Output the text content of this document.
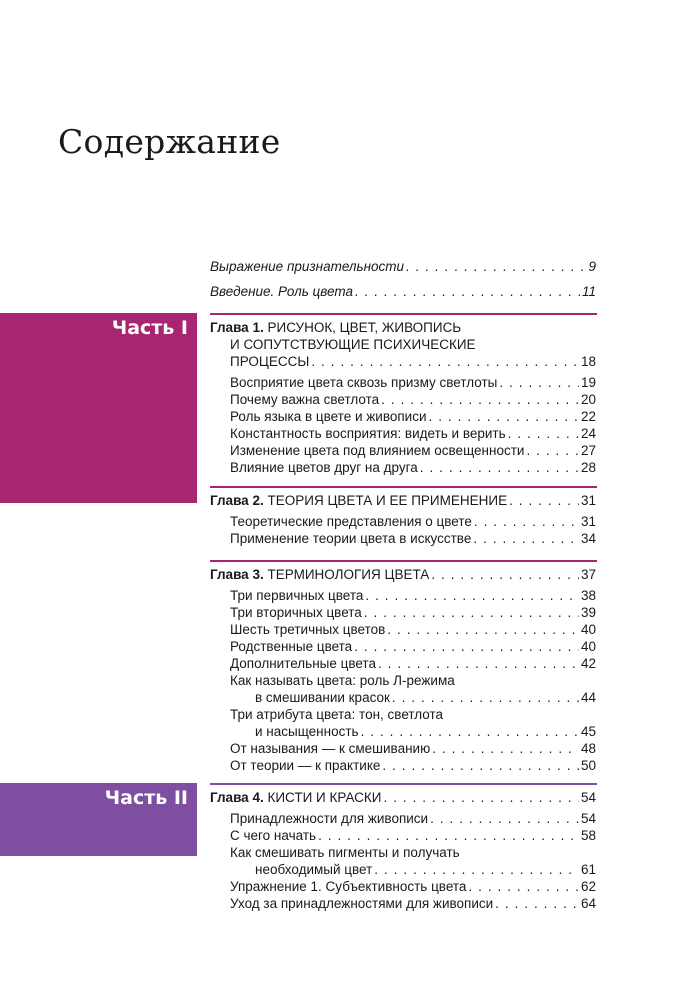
Содержание
Выражение признательности . . .	9
Введение. Роль цвета . . .	11
Часть I
Часть II
Глава 1. РИСУНОК, ЦВЕТ, ЖИВОПИСЬ
И СОПУТСТВУЮЩИЕ ПСИХИЧЕСКИЕ
ПРОЦЕССЫ . . .	18
Восприятие цвета сквозь призму светлоты . . .	19
Почему важна светлота . . .	20
Роль языка в цвете и живописи . . .	22
Константность восприятия: видеть и верить . . .	24
Изменение цвета под влиянием освещенности . . .	27
Влияние цветов друг на друга . . .	28
Глава 2. ТЕОРИЯ ЦВЕТА И ЕЕ ПРИМЕНЕНИЕ . . .	31
Теоретические представления о цвете . . .	31
Применение теории цвета в искусстве . . .	34
Глава 3. ТЕРМИНОЛОГИЯ ЦВЕТА . . .	37
Три первичных цвета . . .	38
Три вторичных цвета . . .	39
Шесть третичных цветов . . .	40
Родственные цвета . . .	40
Дополнительные цвета . . .	42
Как называть цвета: роль Л-режима
в смешивании красок . . .	44
Три атрибута цвета: тон, светлота
и насыщенность . . .	45
От называния — к смешиванию . . .	48
От теории — к практике . . .	50
Глава 4. КИСТИ И КРАСКИ . . .	54
Принадлежности для живописи . . .	54
С чего начать . . .	58
Как смешивать пигменты и получать
необходимый цвет . . .	61
Упражнение 1. Субъективность цвета . . .	62
Уход за принадлежностями для живописи . . .	64
